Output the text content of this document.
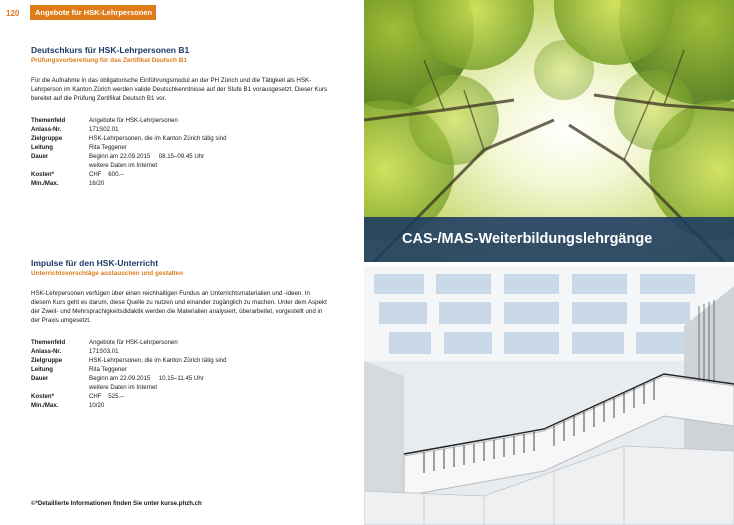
120	Angebote für HSK-Lehrpersonen

Deutschkurs für HSK-Lehrpersonen B1

Prüfungsvorbereitung für das Zertifikat Deutsch B1

Für die Aufnahme in das obligatorische Einführungsmodul an der PH Zürich und die Tätigkeit als HSK-Lehrperson im Kanton Zürich werden valide Deutschkenntnisse auf der Stufe B1 vorausgesetzt. Dieser Kurs bereitet auf die Prüfung Zertifikat Deutsch B1 vor.

Themenfeld	Angebote für HSK-Lehrpersonen
Anlass-Nr.	171S02.01
Zielgruppe	HSK-Lehrpersonen, die im Kanton Zürich tätig sind
Leitung	Rita Teggener
Dauer	Beginn am 22.09.2015     08.15–09.45 Uhr
	weitere Daten im Internet
Kosten*	CHF    600.–
Min./Max.	16/20

Impulse für den HSK-Unterricht

Unterrichtsvorschläge austauschen und gestalten

HSK-Lehrpersonen verfügen über einen reichhaltigen Fundus an Unterrichtsmaterialien und -ideen. In diesem Kurs geht es darum, diese Quelle zu nutzen und einander zugänglich zu machen. Unter dem Aspekt der Zweit- und Mehrsprachigkeitsdidaktik werden die Materialien analysiert, überarbeitet, vorgestellt und in der Praxis umgesetzt.

Themenfeld	Angebote für HSK-Lehrpersonen
Anlass-Nr.	171S03.01
Zielgruppe	HSK-Lehrpersonen, die im Kanton Zürich tätig sind
Leitung	Rita Teggener
Dauer	Beginn am 22.09.2015     10.15–11.45 Uhr
	weitere Daten im Internet
Kosten*	CHF    525.–
Min./Max.	10/20
©*Detaillierte Informationen finden Sie unter kurse.phzh.ch
CAS-/MAS-Weiterbildungslehrgänge
